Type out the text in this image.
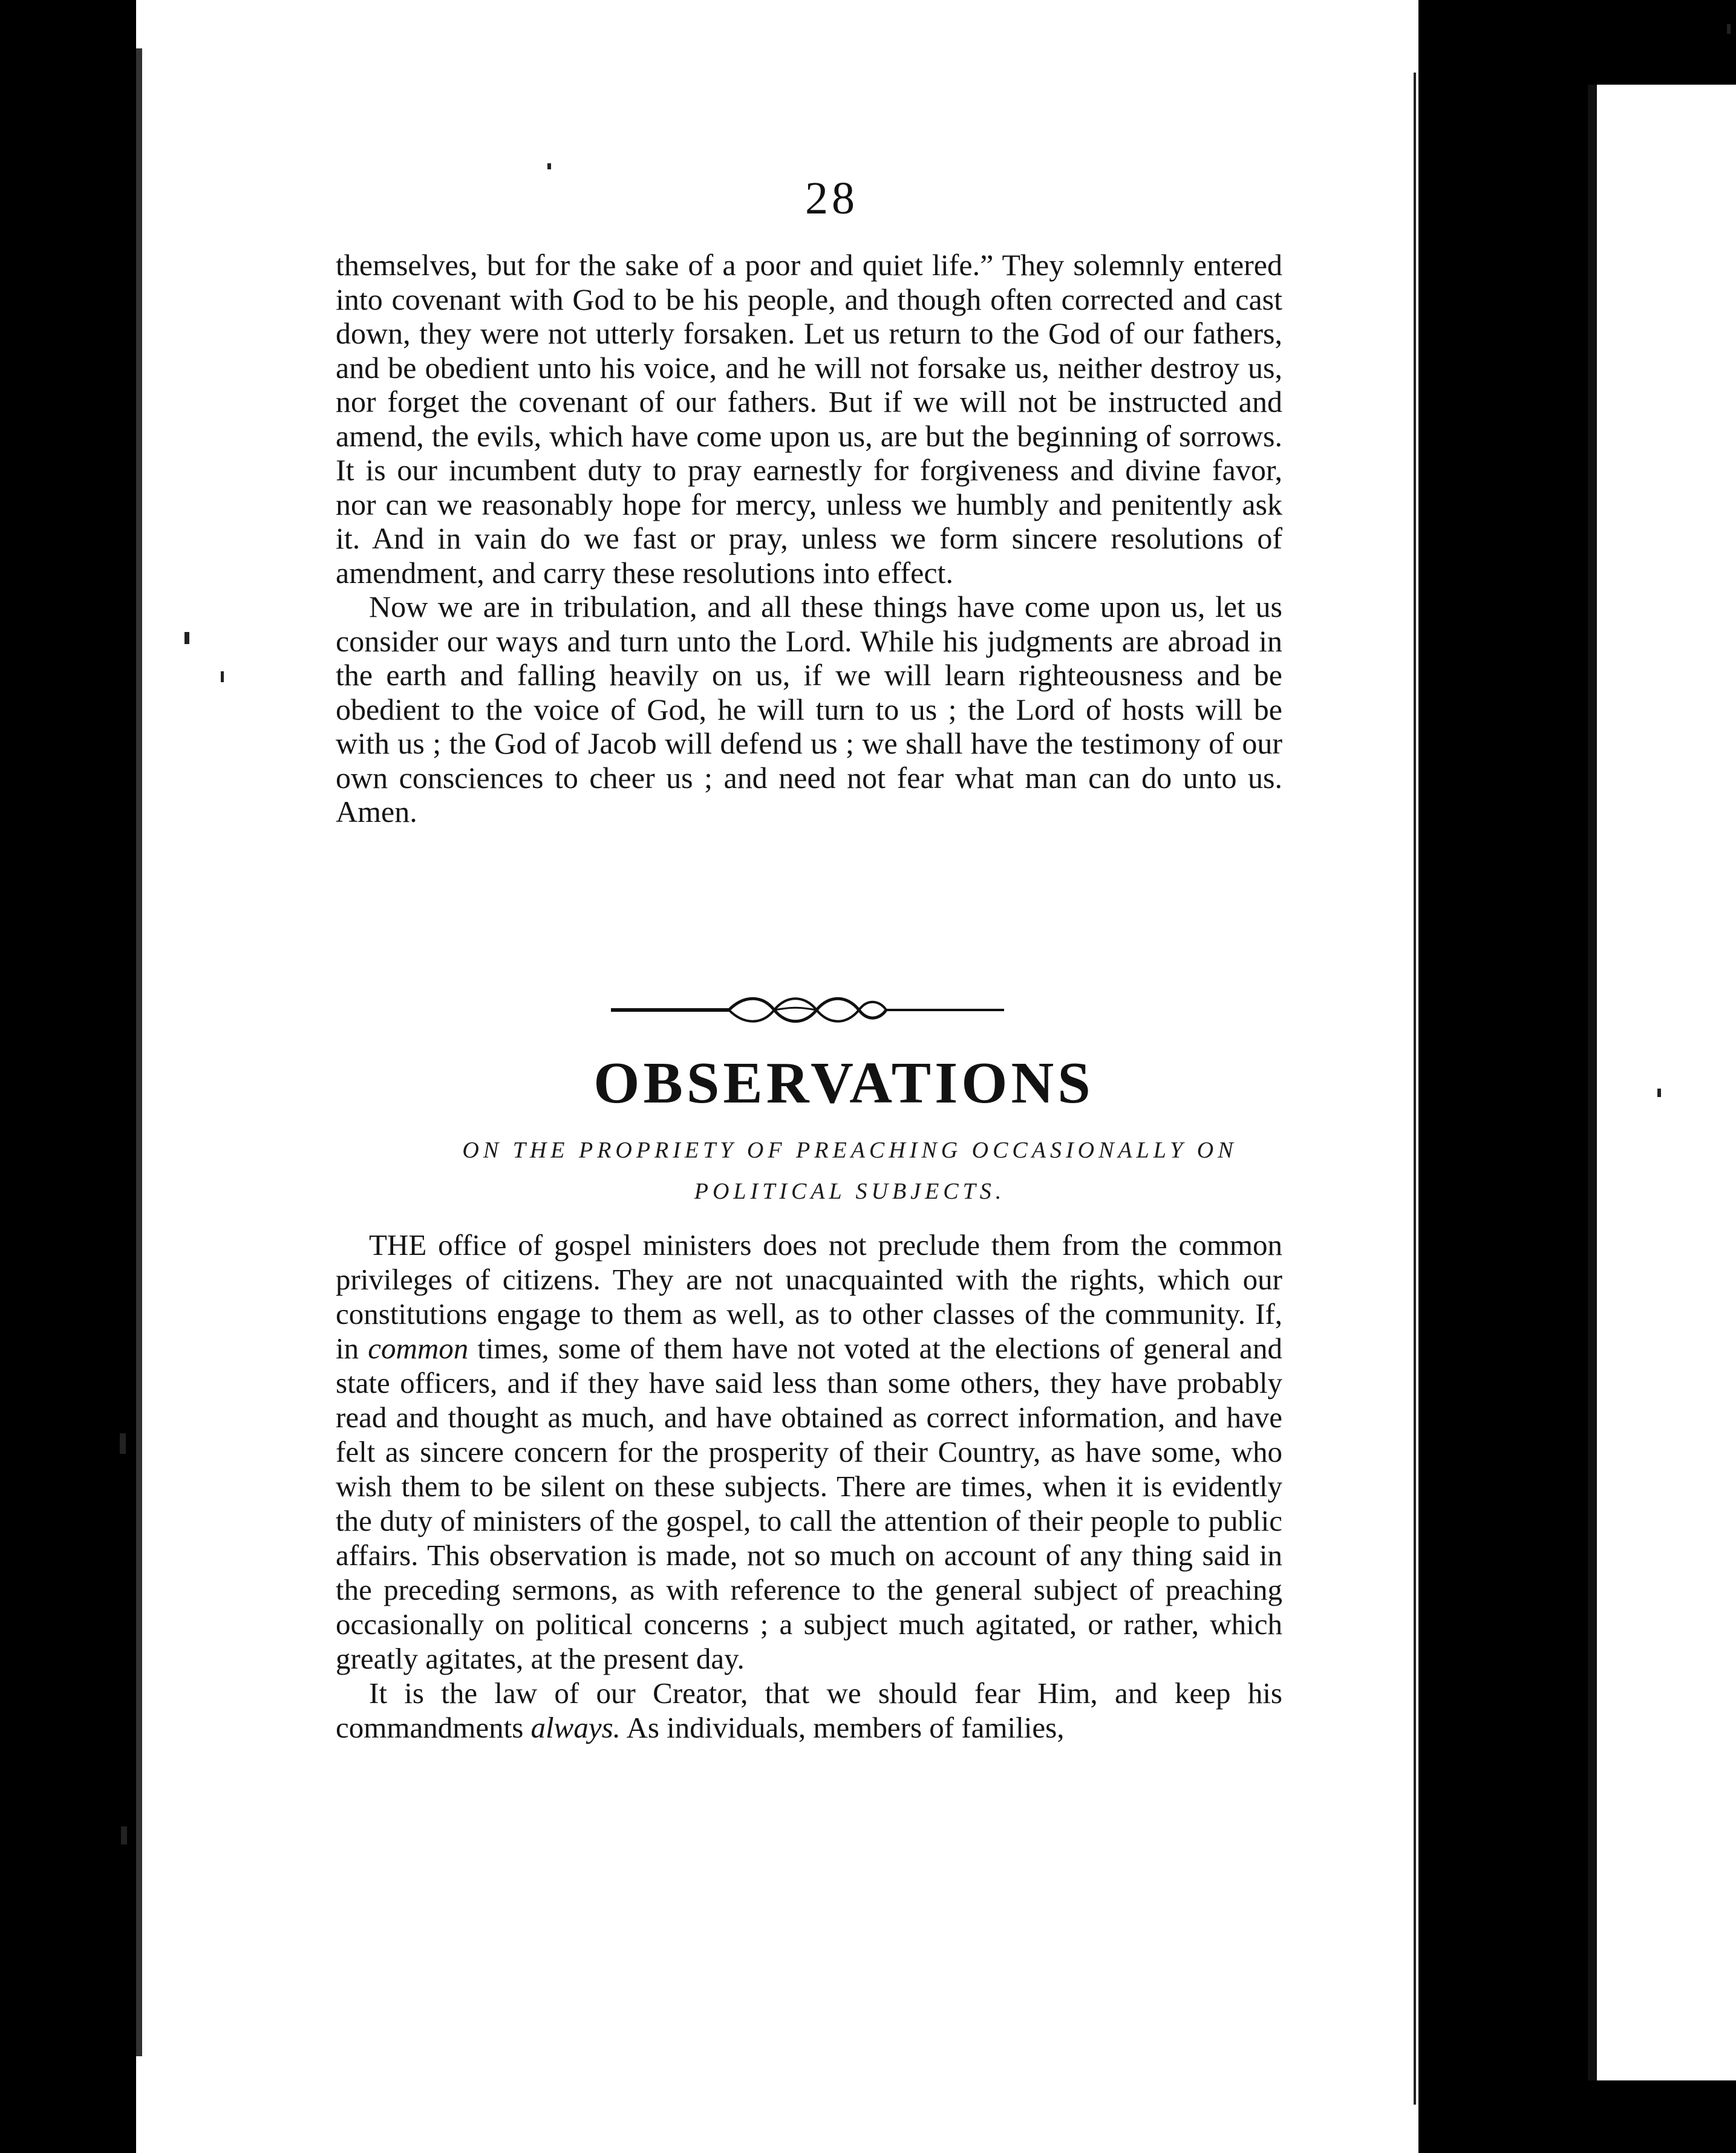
28

themselves, but for the sake of a poor and quiet life.” They solemnly entered into covenant with God to be his people, and though often corrected and cast down, they were not utterly forsaken. Let us return to the God of our fathers, and be obedient unto his voice, and he will not forsake us, neither destroy us, nor forget the covenant of our fathers. But if we will not be instructed and amend, the evils, which have come upon us, are but the beginning of sorrows. It is our incumbent duty to pray earnestly for forgiveness and divine favor, nor can we reasonably hope for mercy, unless we humbly and penitently ask it. And in vain do we fast or pray, unless we form sincere resolutions of amendment, and carry these resolutions into effect.

Now we are in tribulation, and all these things have come upon us, let us consider our ways and turn unto the Lord. While his judgments are abroad in the earth and falling heavily on us, if we will learn righteousness and be obedient to the voice of God, he will turn to us ; the Lord of hosts will be with us ; the God of Jacob will defend us ; we shall have the testimony of our own consciences to cheer us ; and need not fear what man can do unto us. Amen.

OBSERVATIONS
ON THE PROPRIETY OF PREACHING OCCASIONALLY ON
POLITICAL SUBJECTS.

THE office of gospel ministers does not preclude them from the common privileges of citizens. They are not unacquainted with the rights, which our constitutions engage to them as well, as to other classes of the community. If, in common times, some of them have not voted at the elections of general and state officers, and if they have said less than some others, they have probably read and thought as much, and have obtained as correct information, and have felt as sincere concern for the prosperity of their Country, as have some, who wish them to be silent on these subjects. There are times, when it is evidently the duty of ministers of the gospel, to call the attention of their people to public affairs. This observation is made, not so much on account of any thing said in the preceding sermons, as with reference to the general subject of preaching occasionally on political concerns ; a subject much agitated, or rather, which greatly agitates, at the present day.

It is the law of our Creator, that we should fear Him, and keep his commandments always. As individuals, members of families,
